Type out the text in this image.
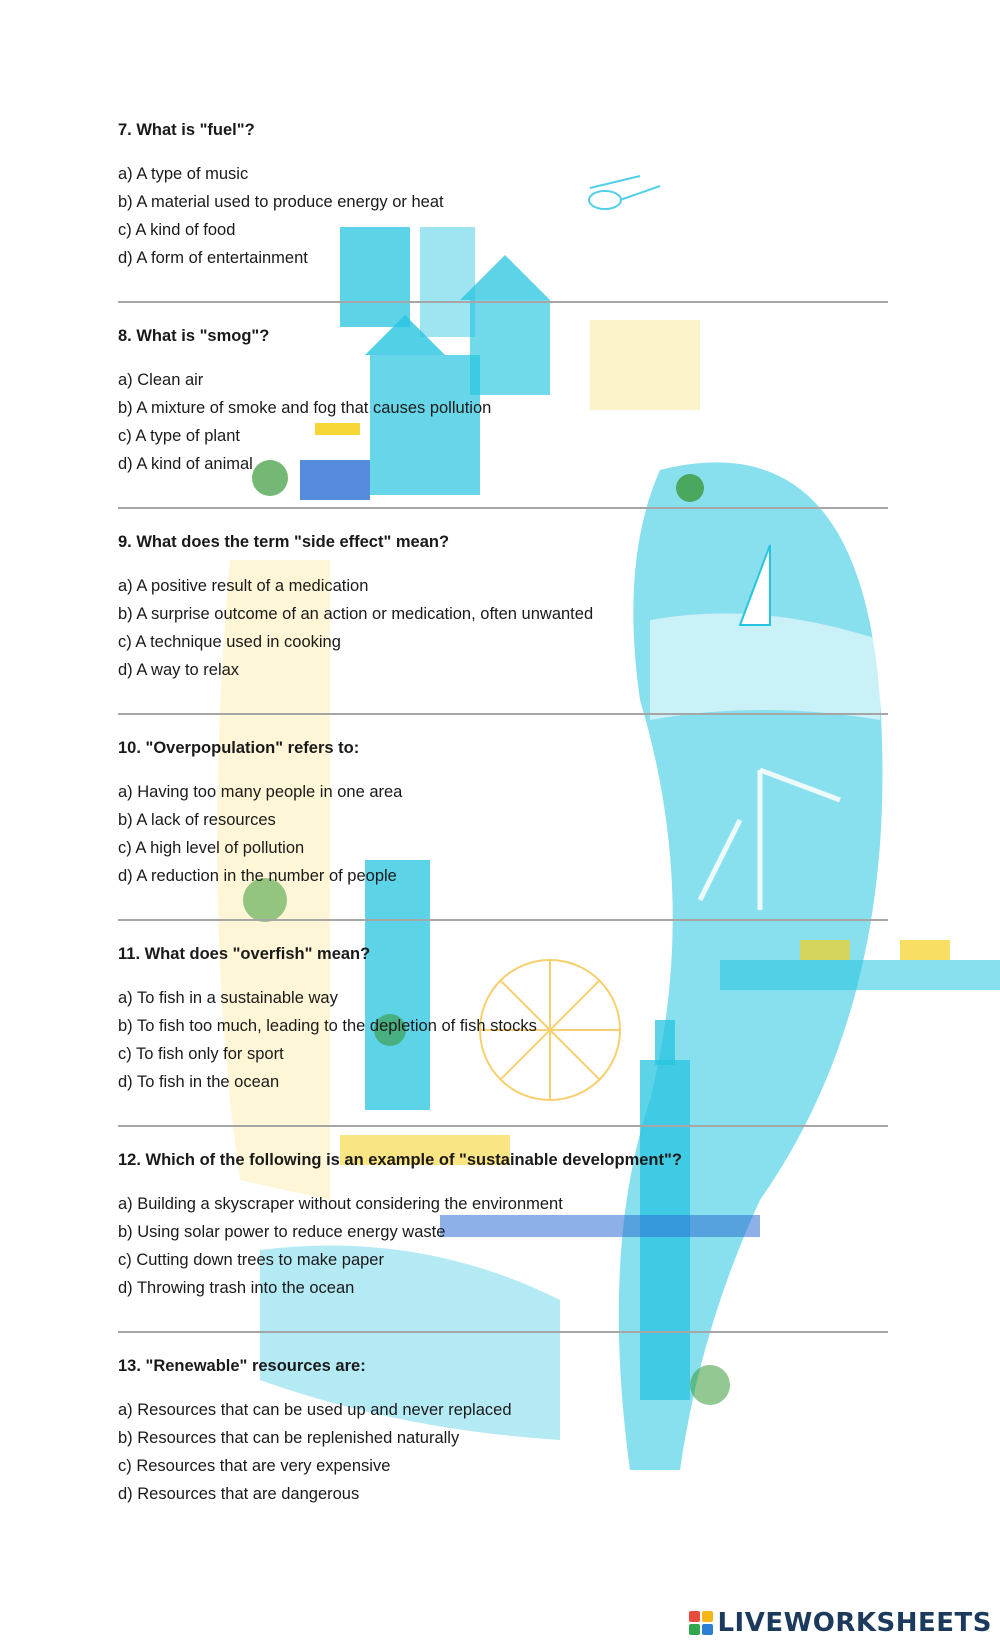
7. What is "fuel"?

a) A type of music
b) A material used to produce energy or heat
c) A kind of food
d) A form of entertainment

8. What is "smog"?

a) Clean air
b) A mixture of smoke and fog that causes pollution
c) A type of plant
d) A kind of animal

9. What does the term "side effect" mean?

a) A positive result of a medication
b) A surprise outcome of an action or medication, often unwanted
c) A technique used in cooking
d) A way to relax

10. "Overpopulation" refers to:

a) Having too many people in one area
b) A lack of resources
c) A high level of pollution
d) A reduction in the number of people

11. What does "overfish" mean?

a) To fish in a sustainable way
b) To fish too much, leading to the depletion of fish stocks
c) To fish only for sport
d) To fish in the ocean

12. Which of the following is an example of "sustainable development"?

a) Building a skyscraper without considering the environment
b) Using solar power to reduce energy waste
c) Cutting down trees to make paper
d) Throwing trash into the ocean

13. "Renewable" resources are:

a) Resources that can be used up and never replaced
b) Resources that can be replenished naturally
c) Resources that are very expensive
d) Resources that are dangerous
LIVEWORKSHEETS
